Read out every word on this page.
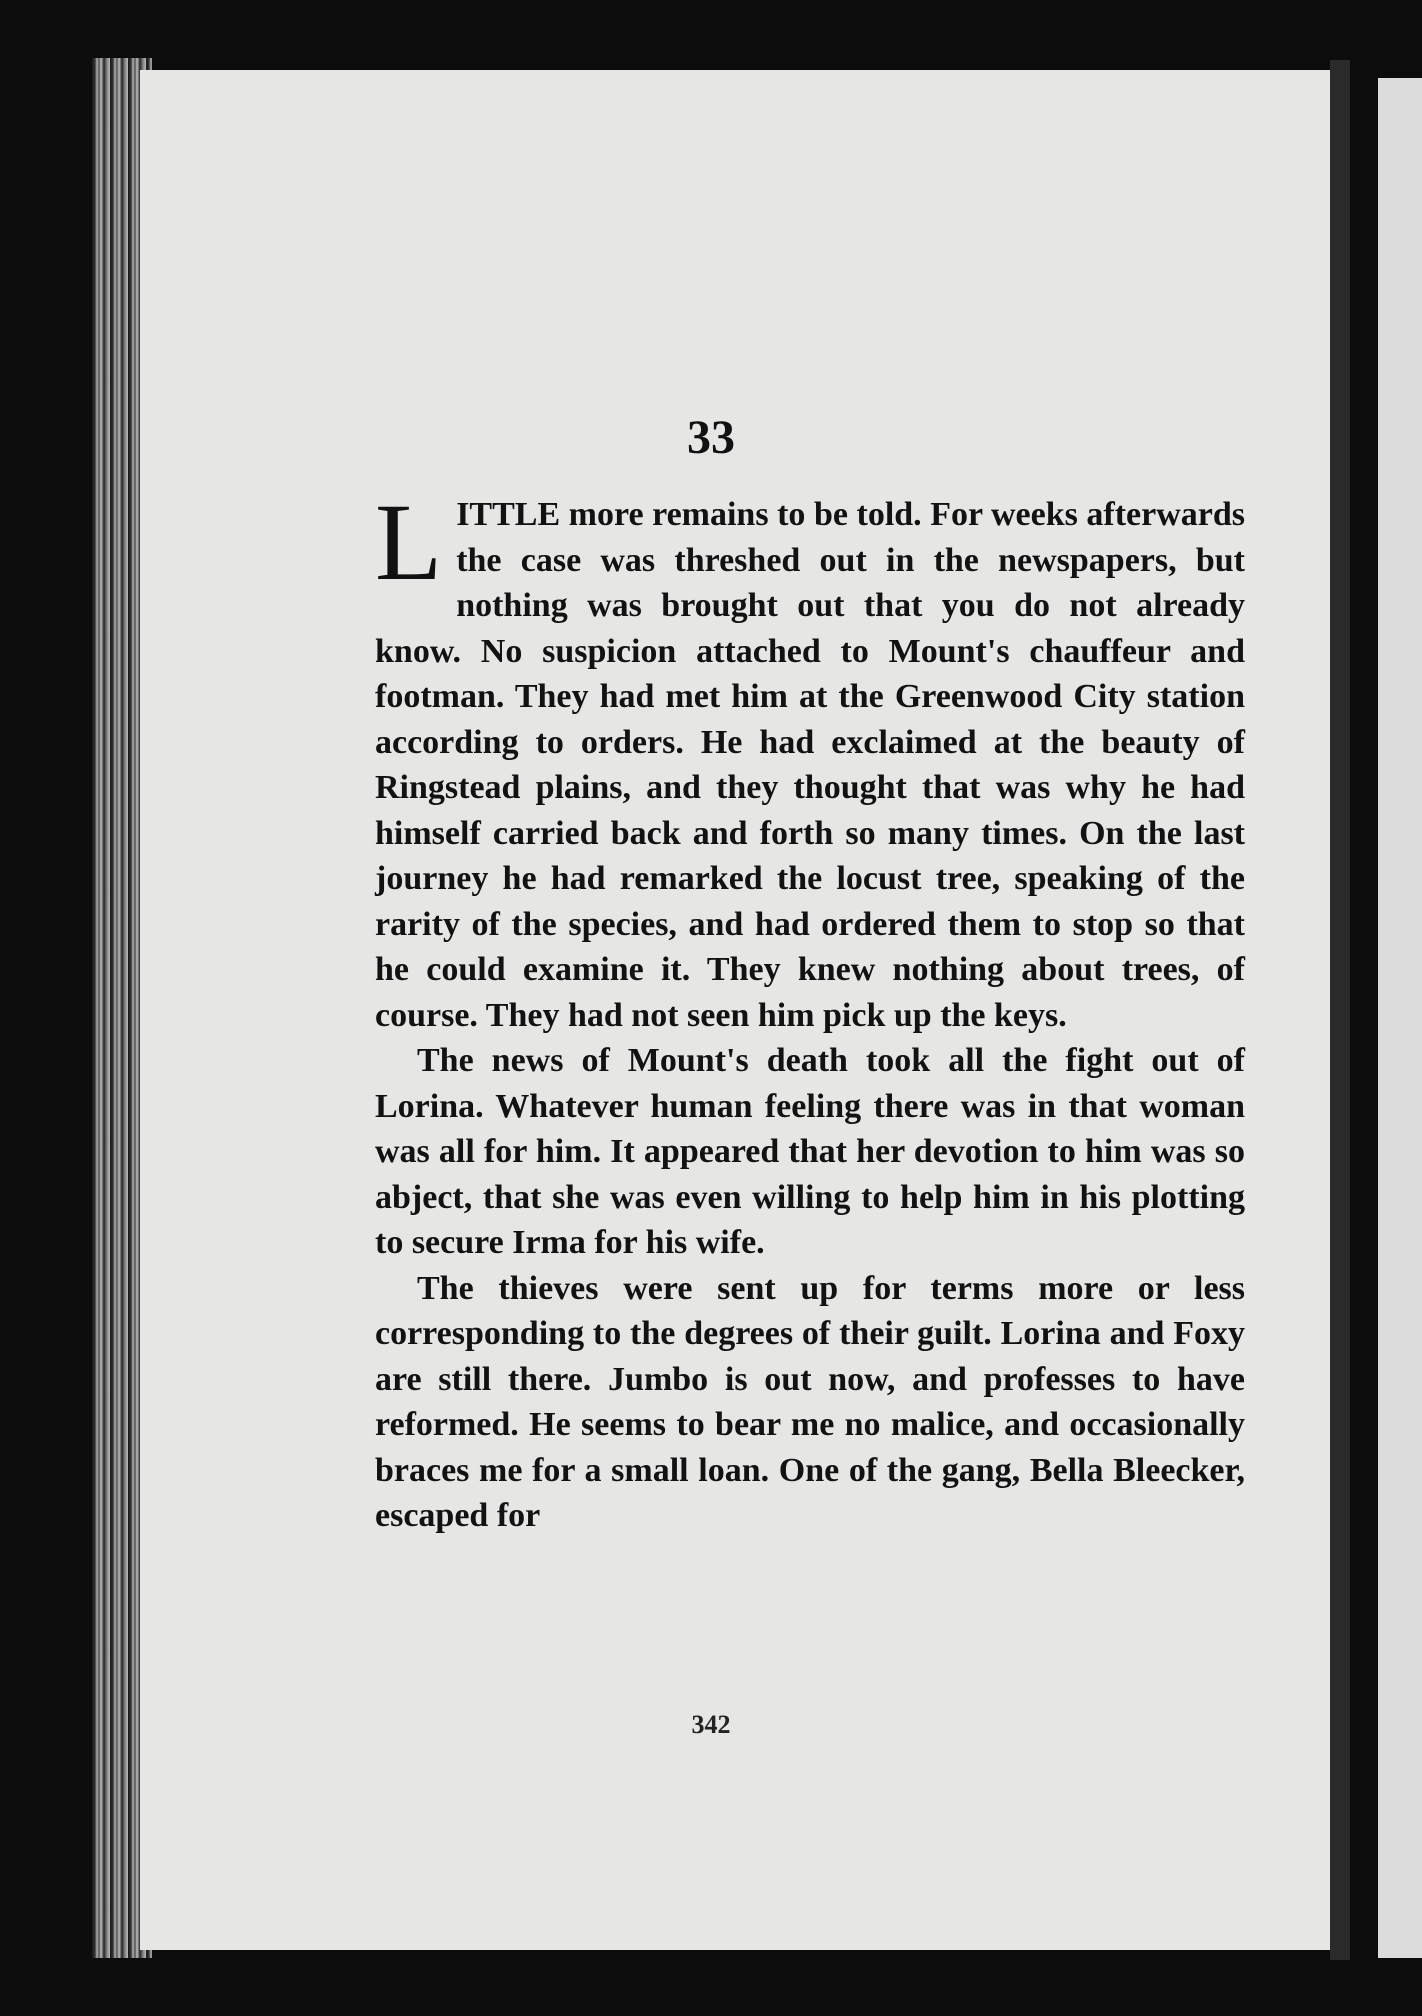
33

LITTLE more remains to be told. For weeks afterwards the case was threshed out in the newspapers, but nothing was brought out that you do not already know. No suspicion attached to Mount's chauffeur and footman. They had met him at the Greenwood City station according to orders. He had exclaimed at the beauty of Ringstead plains, and they thought that was why he had himself carried back and forth so many times. On the last journey he had remarked the locust tree, speaking of the rarity of the species, and had ordered them to stop so that he could examine it. They knew nothing about trees, of course. They had not seen him pick up the keys.

The news of Mount's death took all the fight out of Lorina. Whatever human feeling there was in that woman was all for him. It appeared that her devotion to him was so abject, that she was even willing to help him in his plotting to secure Irma for his wife.

The thieves were sent up for terms more or less corresponding to the degrees of their guilt. Lorina and Foxy are still there. Jumbo is out now, and professes to have reformed. He seems to bear me no malice, and occasionally braces me for a small loan. One of the gang, Bella Bleecker, escaped for

342
